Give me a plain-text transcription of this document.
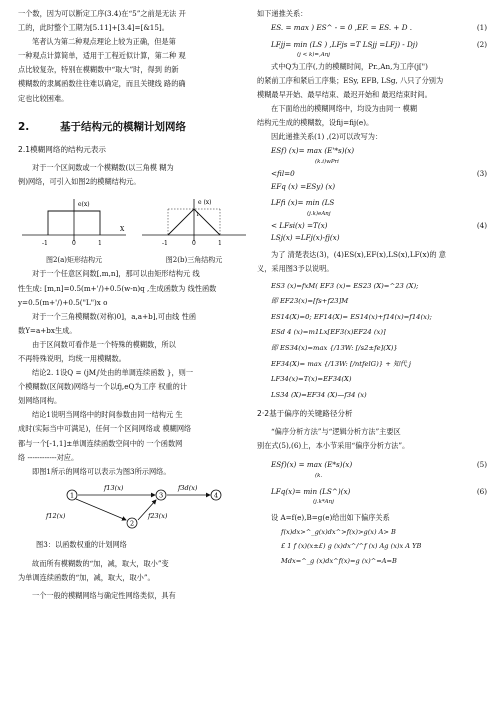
一个数，因为可以断定工序(3.4)在“5”之前是无法 开

工的，此时整个工期为[5.11]+[3.4]=[&15]。

笔者认为第二种观点理论上较为正确，但是第

一种观点计算简单，适用于工程近似计算，第二种 观

点比较复杂，特别在模糊数中“取大”时，得到 的新

模糊数的隶属函数往往难以确定，而且关键线 路的确

定也比较困难。

2.	基于结构元的模糊计划网络
2.1模糊网络的结构元表示

对于一个区间数或一个模糊数(以三角模 糊为

例)网络，可引入如图2的模糊结构元。

e(x)
X
-1	0	1
图2(a)矩形结构元
e (x)
1
-1	0	1
图2(b)三角结构元

对于一个任意区间数[,m,n]，那可以由矩形结构元 线

性生成: [m,n]=0.5(m+'/)+0.5(w-n)q ,生成函数为 线性函数

y=0.5(m+'/)+0.5("L")x o

对于一个三角模糊数(对称)0]，a,a+b],可由线 性函

数Y=a+bx生成。

由于区间数可看作是一个特殊的模糊数，所以

不再特殊说明，均统一用模糊数。

结论2. 1设Q = (jM∫处由的单调连续函数 }，则一

个模糊数(区间数)网络与一个以fj,eQ为工序 权重的计

划网络同构。

结论1说明当网络中的时间参数由同一结构元 生

成时(实际当中可满足)，任何一个区间网络或 模糊网络

都与一个[-1,1]±单调连续函数空间中的 一个函数网

络 ------------对应。

即图1所示的网络可以表示为图3所示网络。

1	3	4
2
f13(x)	f3d(x)
f12(x)	f23(x)

图3：以函数权重的计划网络

故而所有模糊数的“加，减，取大，取小”变

为单调连续函数的“加，减，取大，取小”。

一个一般的模糊网络与确定性网络类似，具有

如下递推关系：

ES. = max ) ES^ - = 0 ,EF. = ES. + D .	(1)
LFjj= min (LS ) ,LFjs =T LSjj =LFj) - Dj)	(2)

(j < k)=,Anj

式中Q为工序(,力的模糊时间，Pr.,An,为工序(j[")

的紧前工序和紧后工序集；ESy, EFB, LSg, 八只了分别为

模糊最早开始、最早结束、最迟开始和 最迟结束时间。

在下面给出的模糊网络中，均设为由同一 模糊

结构元生成的模糊数，设fij=fij(e)。

因此递推关系(1) ,(2)可以改写为：

ESf) (x)= max (E'*s)(x)

(k.i)wPri

<fil=0	(3)

EFq (x) =ESy) (x)

LFfi (x)= min (LS

(j.k)eAnj

< LFsi(x) =T(x)	(4)

LSj(x) =LFj(x)-fj(x)

为了 清楚表达(3)，(4)ES(x),EF(x),LS(x),LF(x)的 意

义，采用图3予以说明。

ES3 (x)=fxM( EF3 (x)= ES23 (X)=^23 (X);

即 EF23(x)=[fs+f23]M

ES14(X)=0; EF14(X)= ES14(x)+f14(x)=f14(x);

ESd 4 (x)=m1Lx[EF3(x)EF24 (x)]

即 ES34(x)=max {/13W: [/s2±fe](X)}

EF34(X)= max {/13W: [/ntfelG)} + 知代 j

LF34(x)=T(x)=EF34(X)

LS34 (X)=EF34 (X)—f34 (x)

2·2基于偏序的关键路径分析

“偏序分析方法”与“逻辑分析方法”主要区

别在式(5),(6)上，本小节采用“偏序分析方法”。

ESf)(x) = max (E*s)(x)	(5)

(k.

LFq(x)= min (LS^)(x)	(6)

(j.k*Anj

设 A=f(e),B=g(e)给出如下偏序关系

f(x)dx>^_g(x)dx^>f(x)>g(x) A> B

£ 1 f (x)(x±£) g (x)dx^/^f (x) Ag (x)x A YB

Mdx=^_g (x)dx^f(x)=g (x)^=A=B
